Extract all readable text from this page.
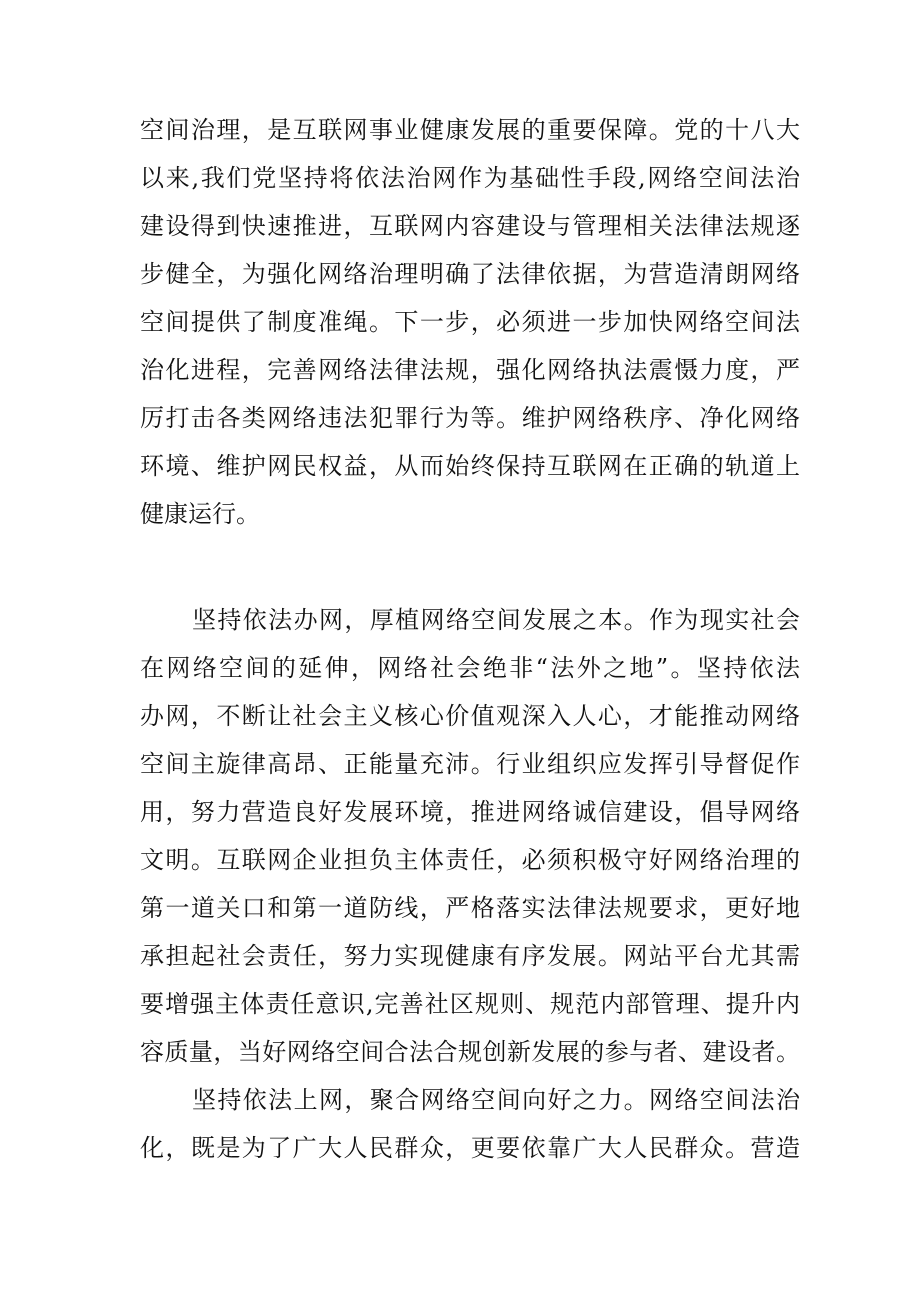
空间治理，是互联网事业健康发展的重要保障。党的十八大
以来,我们党坚持将依法治网作为基础性手段,网络空间法治
建设得到快速推进，互联网内容建设与管理相关法律法规逐
步健全，为强化网络治理明确了法律依据，为营造清朗网络
空间提供了制度准绳。下一步，必须进一步加快网络空间法
治化进程，完善网络法律法规，强化网络执法震慑力度，严
厉打击各类网络违法犯罪行为等。维护网络秩序、净化网络
环境、维护网民权益，从而始终保持互联网在正确的轨道上
健康运行。
坚持依法办网，厚植网络空间发展之本。作为现实社会
在网络空间的延伸，网络社会绝非“法外之地”。坚持依法
办网，不断让社会主义核心价值观深入人心，才能推动网络
空间主旋律高昂、正能量充沛。行业组织应发挥引导督促作
用，努力营造良好发展环境，推进网络诚信建设，倡导网络
文明。互联网企业担负主体责任，必须积极守好网络治理的
第一道关口和第一道防线，严格落实法律法规要求，更好地
承担起社会责任，努力实现健康有序发展。网站平台尤其需
要增强主体责任意识,完善社区规则、规范内部管理、提升内
容质量，当好网络空间合法合规创新发展的参与者、建设者。
坚持依法上网，聚合网络空间向好之力。网络空间法治
化，既是为了广大人民群众，更要依靠广大人民群众。营造
